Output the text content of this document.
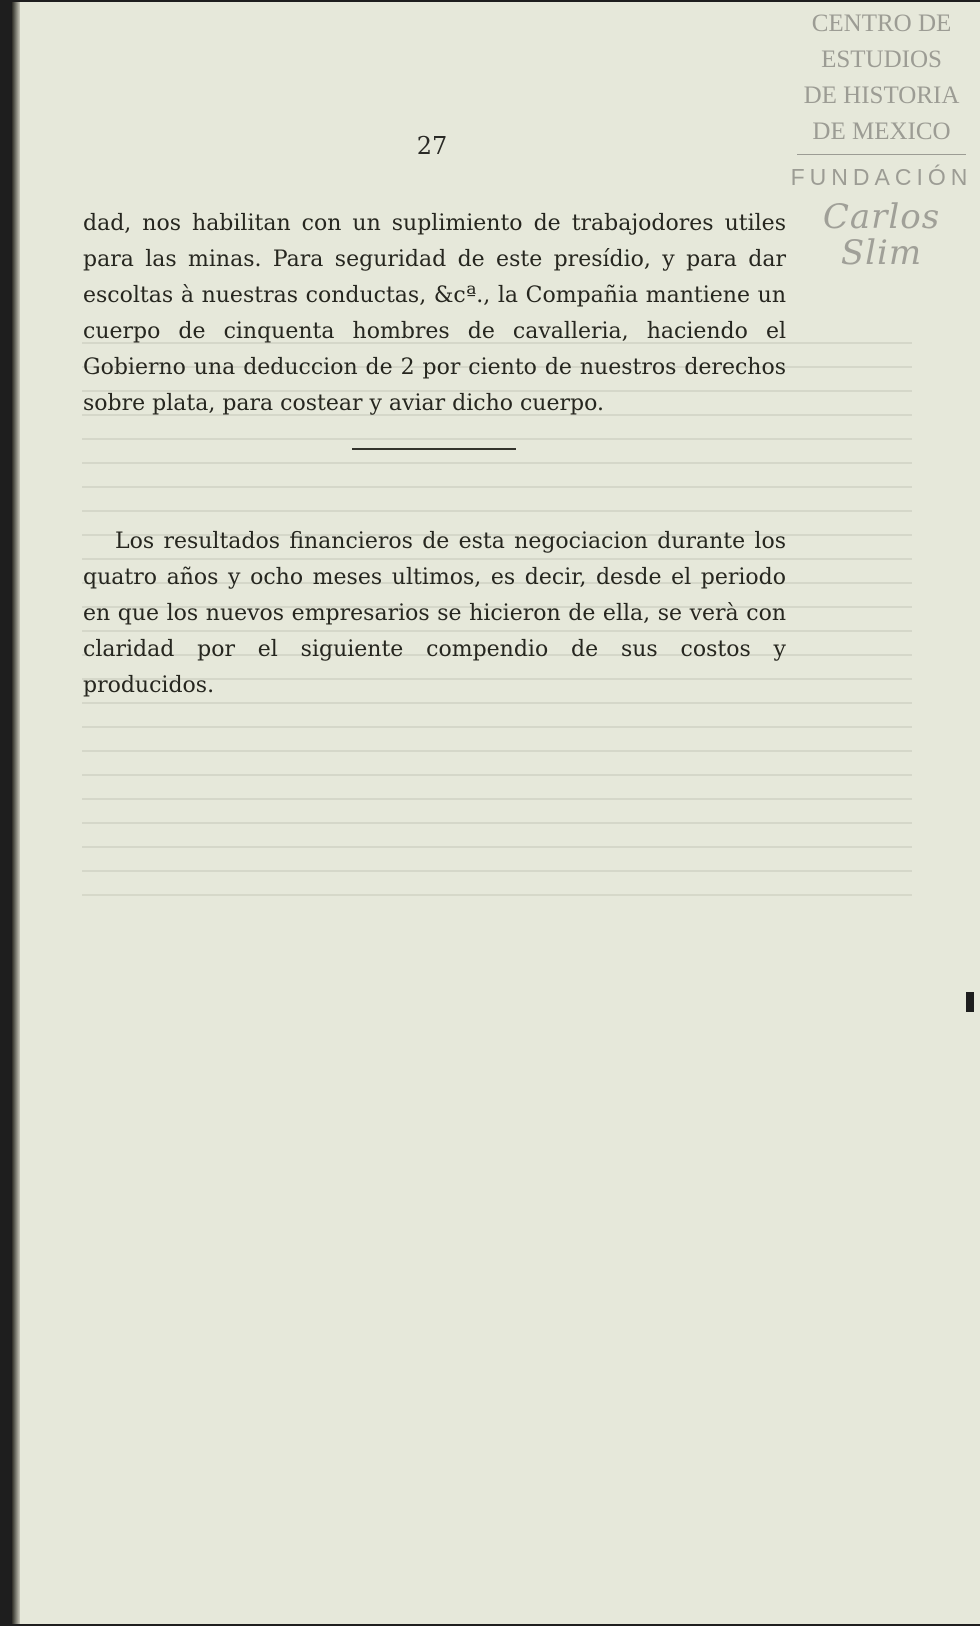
27

dad, nos habilitan con un suplimiento de trabajodores utiles para las minas. Para seguridad de este presídio, y para dar escoltas à nuestras conductas, &cª., la Compañia mantiene un cuerpo de cinquenta hombres de cavalleria, haciendo el Gobierno una deduccion de 2 por ciento de nuestros derechos sobre plata, para costear y aviar dicho cuerpo.

Los resultados financieros de esta negociacion durante los quatro años y ocho meses ultimos, es decir, desde el periodo en que los nuevos empresarios se hicieron de ella, se verà con claridad por el siguiente compendio de sus costos y producidos.

CENTRO DE
ESTUDIOS
DE HISTORIA
DE MEXICO
FUNDACIÓN
Carlos Slim
